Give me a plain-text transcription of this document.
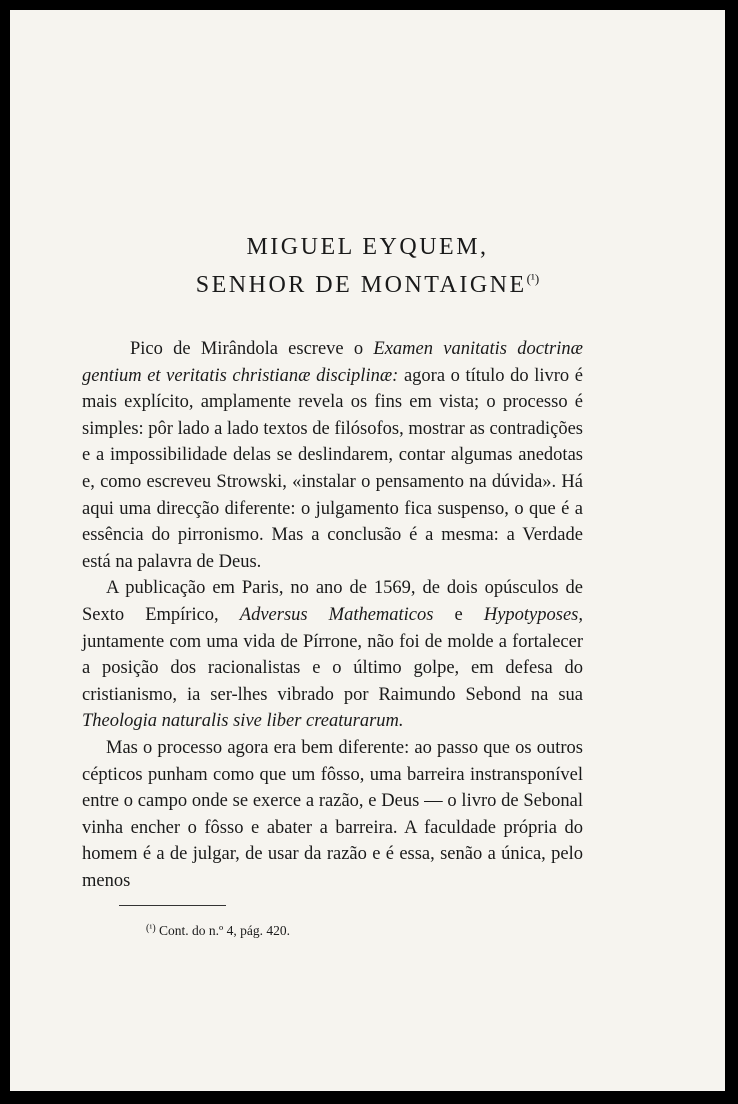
MIGUEL EYQUEM,
SENHOR DE MONTAIGNE$^{(^1)}$

Pico de Mirândola escreve o Examen vanitatis doctrinæ gentium et veritatis christianæ disciplinæ: agora o título do livro é mais explícito, amplamente revela os fins em vista; o processo é simples: pôr lado a lado textos de filósofos, mostrar as contradições e a impossibilidade delas se deslindarem, contar algumas anedotas e, como escreveu Strowski, «instalar o pensamento na dúvida». Há aqui uma direcção diferente: o julgamento fica suspenso, o que é a essência do pirronismo. Mas a conclusão é a mesma: a Verdade está na palavra de Deus.

A publicação em Paris, no ano de 1569, de dois opúsculos de Sexto Empírico, Adversus Mathematicos e Hypotyposes, juntamente com uma vida de Pírrone, não foi de molde a fortalecer a posição dos racionalistas e o último golpe, em defesa do cristianismo, ia ser-lhes vibrado por Raimundo Sebond na sua Theologia naturalis sive liber creaturarum.

Mas o processo agora era bem diferente: ao passo que os outros cépticos punham como que um fôsso, uma barreira instransponível entre o campo onde se exerce a razão, e Deus — o livro de Sebonal vinha encher o fôsso e abater a barreira. A faculdade própria do homem é a de julgar, de usar da razão e é essa, senão a única, pelo menos

$^{(^1)}$ Cont. do n.º 4, pág. 420.
